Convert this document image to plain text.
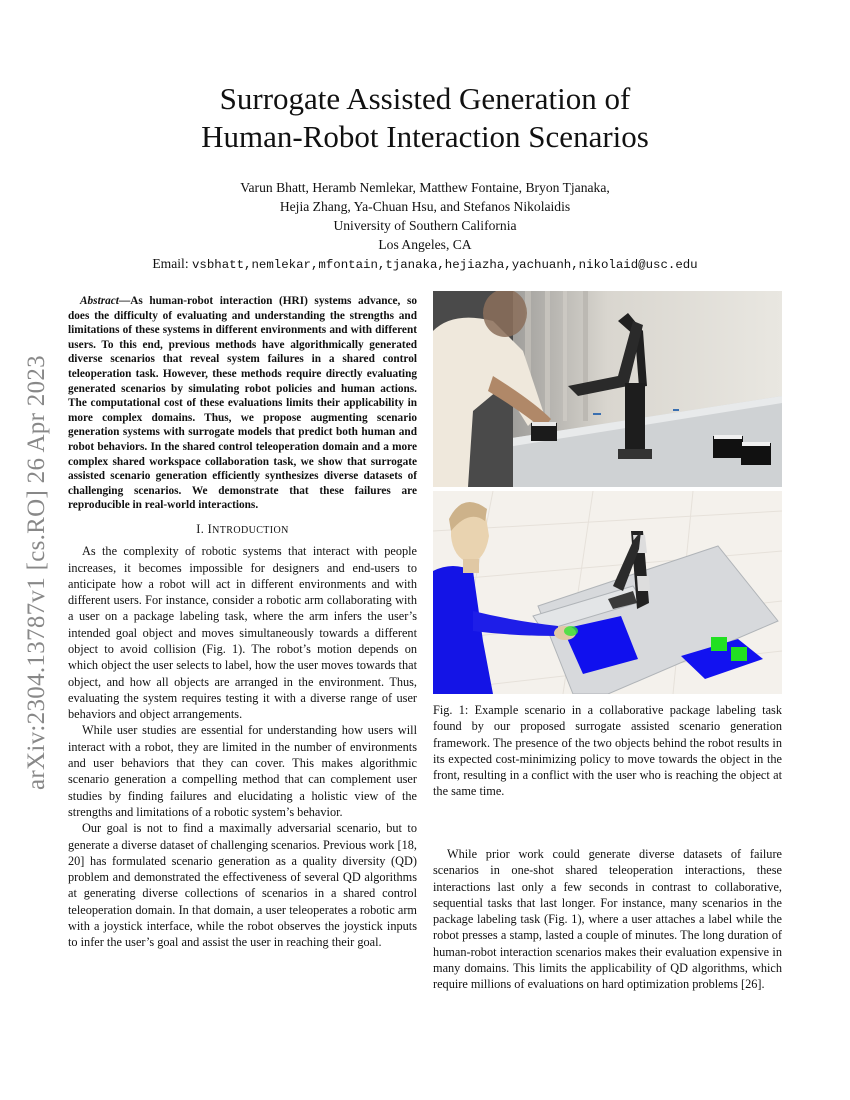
Surrogate Assisted Generation of
Human-Robot Interaction Scenarios
Varun Bhatt, Heramb Nemlekar, Matthew Fontaine, Bryon Tjanaka,
Hejia Zhang, Ya-Chuan Hsu, and Stefanos Nikolaidis
University of Southern California
Los Angeles, CA
Email: vsbhatt,nemlekar,mfontain,tjanaka,hejiazha,yachuanh,nikolaid@usc.edu
arXiv:2304.13787v1 [cs.RO] 26 Apr 2023

Abstract—As human-robot interaction (HRI) systems advance, so does the difficulty of evaluating and understanding the strengths and limitations of these systems in different environments and with different users. To this end, previous methods have algorithmically generated diverse scenarios that reveal system failures in a shared control teleoperation task. However, these methods require directly evaluating generated scenarios by simulating robot policies and human actions. The computational cost of these evaluations limits their applicability in more complex domains. Thus, we propose augmenting scenario generation systems with surrogate models that predict both human and robot behaviors. In the shared control teleoperation domain and a more complex shared workspace collaboration task, we show that surrogate assisted scenario generation efficiently synthesizes diverse datasets of challenging scenarios. We demonstrate that these failures are reproducible in real-world interactions.

I. INTRODUCTION

As the complexity of robotic systems that interact with people increases, it becomes impossible for designers and end-users to anticipate how a robot will act in different environments and with different users. For instance, consider a robotic arm collaborating with a user on a package labeling task, where the arm infers the user’s intended goal object and moves simultaneously towards a different object to avoid collision (Fig. 1). The robot’s motion depends on which object the user selects to label, how the user moves towards that object, and how all objects are arranged in the environment. Thus, evaluating the system requires testing it with a diverse range of user behaviors and object arrangements.

While user studies are essential for understanding how users will interact with a robot, they are limited in the number of environments and user behaviors that they can cover. This makes algorithmic scenario generation a compelling method that can complement user studies by finding failures and elucidating a holistic view of the strengths and limitations of a robotic system’s behavior.

Our goal is not to find a maximally adversarial scenario, but to generate a diverse dataset of challenging scenarios. Previous work [18, 20] has formulated scenario generation as a quality diversity (QD) problem and demonstrated the effectiveness of several QD algorithms at generating diverse collections of scenarios in a shared control teleoperation domain. In that domain, a user teleoperates a robotic arm with a joystick interface, while the robot observes the joystick inputs to infer the user’s goal and assist the user in reaching their goal.

Fig. 1: Example scenario in a collaborative package labeling task found by our proposed surrogate assisted scenario generation framework. The presence of the two objects behind the robot results in its expected cost-minimizing policy to move towards the object in the front, resulting in a conflict with the user who is reaching the object at the same time.

While prior work could generate diverse datasets of failure scenarios in one-shot shared teleoperation interactions, these interactions last only a few seconds in contrast to collaborative, sequential tasks that last longer. For instance, many scenarios in the package labeling task (Fig. 1), where a user attaches a label while the robot presses a stamp, lasted a couple of minutes. The long duration of human-robot interaction scenarios makes their evaluation expensive in many domains. This limits the applicability of QD algorithms, which require millions of evaluations on hard optimization problems [26].
